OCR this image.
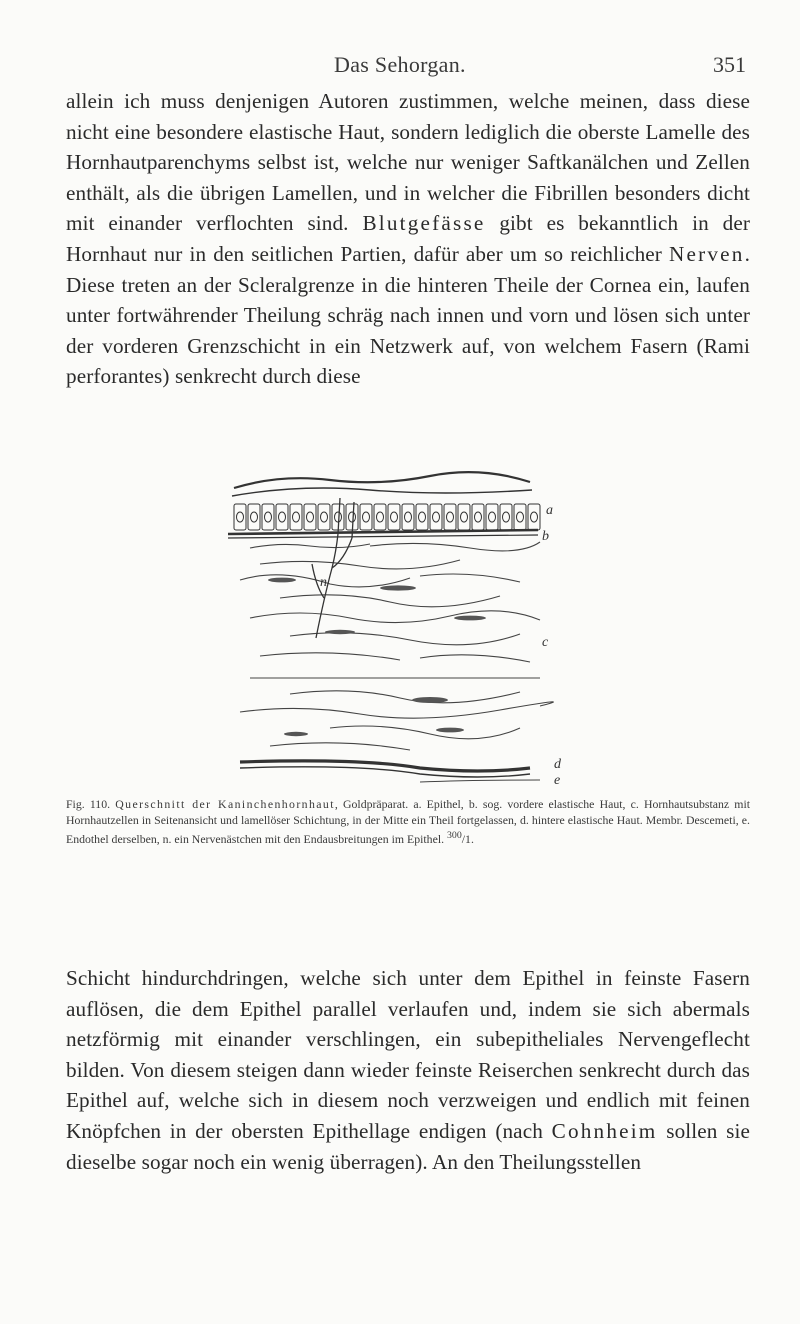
Das Sehorgan.	351

allein ich muss denjenigen Autoren zustimmen, welche meinen, dass diese nicht eine besondere elastische Haut, sondern lediglich die oberste Lamelle des Hornhautparenchyms selbst ist, welche nur weniger Saftkanälchen und Zellen enthält, als die übrigen Lamellen, und in welcher die Fibrillen besonders dicht mit einander verflochten sind. Blutgefässe gibt es bekanntlich in der Hornhaut nur in den seitlichen Partien, dafür aber um so reichlicher Nerven. Diese treten an der Scleralgrenze in die hinteren Theile der Cornea ein, laufen unter fortwährender Theilung schräg nach innen und vorn und lösen sich unter der vorderen Grenzschicht in ein Netzwerk auf, von welchem Fasern (Rami perforantes) senkrecht durch diese

a
b
n
c
d
e

Fig. 110. Querschnitt der Kaninchenhornhaut, Goldpräparat. a. Epithel, b. sog. vordere elastische Haut, c. Hornhautsubstanz mit Hornhautzellen in Seitenansicht und lamellöser Schichtung, in der Mitte ein Theil fortgelassen, d. hintere elastische Haut. Membr. Descemeti, e. Endothel derselben, n. ein Nervenästchen mit den Endausbreitungen im Epithel. $^{300}$/1.

Schicht hindurchdringen, welche sich unter dem Epithel in feinste Fasern auflösen, die dem Epithel parallel verlaufen und, indem sie sich abermals netzförmig mit einander verschlingen, ein subepitheliales Nervengeflecht bilden. Von diesem steigen dann wieder feinste Reiserchen senkrecht durch das Epithel auf, welche sich in diesem noch verzweigen und endlich mit feinen Knöpfchen in der obersten Epithellage endigen (nach Cohnheim sollen sie dieselbe sogar noch ein wenig überragen). An den Theilungsstellen
